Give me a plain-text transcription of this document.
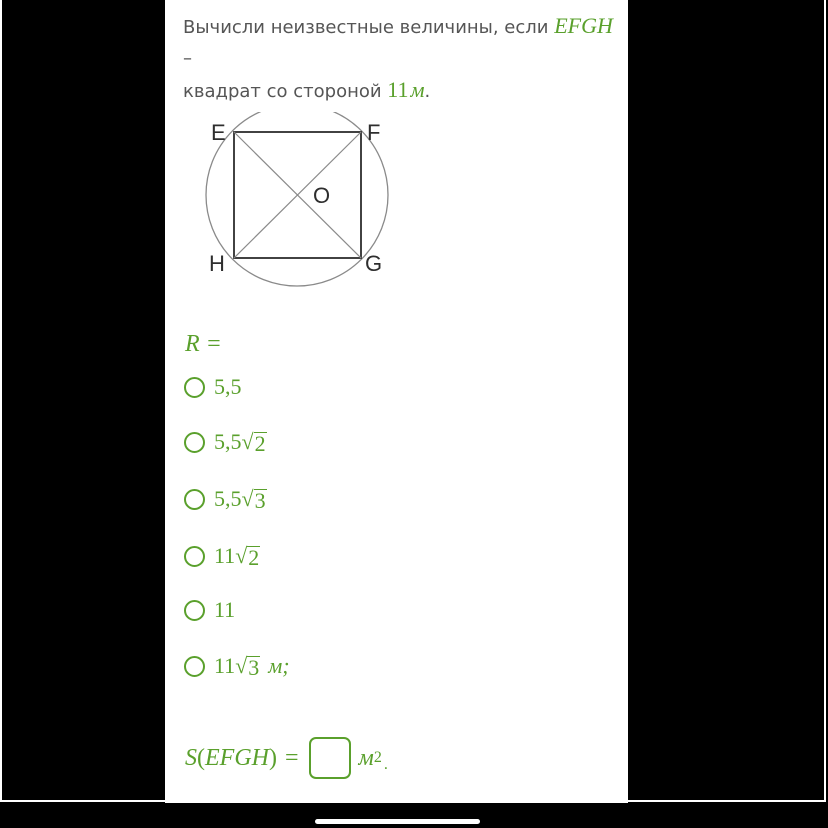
Вычисли неизвестные величины, если EFGH –
квадрат со стороной 11м.
E	F
G
H
O
R =
5,5
5,5 √ 2
5,5 √ 3
11 √ 2
11
11 √ 3 м;
S ( EFGH ) =	м 2 .
